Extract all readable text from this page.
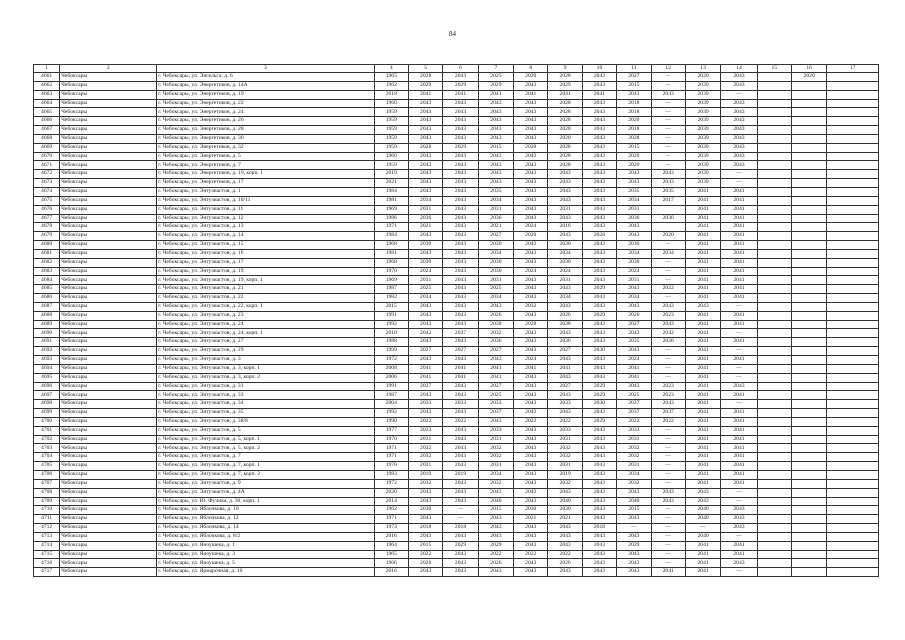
84
1	2	3	4	5	6	7	8	9	10	11	12	13	14	15	16	17
4661	Чебоксары	г. Чебоксары, ул. Энгельса, д. 6	1965	2028	2043	2025	2020	2028	2043	2027	—	2020	2043		2020	
4662	Чебоксары	г. Чебоксары, ул. Энергетиков, д. 14А	1962	2029	2029	2029	2043	2029	2043	2015	—	2039	2043			
4663	Чебоксары	г. Чебоксары, ул. Энергетиков, д. 19	2018	2041	2041	2041	2041	2041	2041	2041	2043	2039	—			
4664	Чебоксары	г. Чебоксары, ул. Энергетиков, д. 22	1960	2043	2043	2043	2043	2028	2043	2018	—	2039	2043			
4665	Чебоксары	г. Чебоксары, ул. Энергетиков, д. 24	1959	2043	2043	2043	2043	2028	2043	2018	—	2039	2043			
4666	Чебоксары	г. Чебоксары, ул. Энергетиков, д. 26	1959	2043	2043	2043	2043	2028	2043	2020	—	2039	2043			
4667	Чебоксары	г. Чебоксары, ул. Энергетиков, д. 28	1959	2043	2043	2043	2043	2028	2043	2018	—	2039	2043			
4668	Чебоксары	г. Чебоксары, ул. Энергетиков, д. 30	1959	2043	2043	2043	2043	2020	2043	2028	—	2039	2043			
4669	Чебоксары	г. Чебоксары, ул. Энергетиков, д. 32	1959	2028	2029	2015	2028	2028	2043	2015	—	2039	2043			
4670	Чебоксары	г. Чебоксары, ул. Энергетиков, д. 5	1960	2043	2043	2043	2043	2028	2043	2020	—	2039	2043			
4671	Чебоксары	г. Чебоксары, ул. Энергетиков, д. 7	1959	2043	2043	2043	2043	2028	2043	2020	—	2039	2043			
4672	Чебоксары	г. Чебоксары, ул. Энергетиков, д. 19, корп. 1	2019	2043	2043	2043	2043	2043	2043	2043	2043	2039	—			
4673	Чебоксары	г. Чебоксары, ул. Энергетиков, д. 17	2021	2043	2043	2043	2043	2043	2043	2043	2043	2039	—			
4674	Чебоксары	г. Чебоксары, ул. Энтузиастов, д. 1	1984	2043	2043	2035	2043	2043	2043	2035	2035	2041	2041			
4675	Чебоксары	г. Чебоксары, ул. Энтузиастов, д. 10/11	1981	2034	2043	2034	2043	2043	2043	2034	2017	2041	2041			
4676	Чебоксары	г. Чебоксары, ул. Энтузиастов, д. 11	1969	2031	2043	2031	2043	2031	2043	2031		2041	2041			
4677	Чебоксары	г. Чебоксары, ул. Энтузиастов, д. 12	1986	2036	2043	2036	2043	2043	2043	2036	2036	2041	2041			
4678	Чебоксары	г. Чебоксары, ул. Энтузиастов, д. 13	1971	2021	2043	2021	2024	2016	2043	2043		2041	2041			
4679	Чебоксары	г. Чебоксары, ул. Энтузиастов, д. 14	1984	2043	2043	2027	2020	2043	2028	2043	2020	2041	2041			
4680	Чебоксары	г. Чебоксары, ул. Энтузиастов, д. 15	1968	2030	2043	2030	2043	2030	2043	2030	—	2041	2041			
4681	Чебоксары	г. Чебоксары, ул. Энтузиастов, д. 16	1981	2043	2043	2034	2043	2034	2043	2034	2034	2041	2041			
4682	Чебоксары	г. Чебоксары, ул. Энтузиастов, д. 17	1968	2030	2043	2030	2043	2030	2043	2030	—	2041	2041			
4683	Чебоксары	г. Чебоксары, ул. Энтузиастов, д. 19	1970	2024	2043	2030	2024	2024	2043	2024	—	2041	2041			
4684	Чебоксары	г. Чебоксары, ул. Энтузиастов, д. 19, корп. 1	1969	2031	2043	2031	2043	2031	2043	2031	—	2041	2041			
4685	Чебоксары	г. Чебоксары, ул. Энтузиастов, д. 21	1987	2025	2043	2025	2043	2043	2029	2043	2022	2041	2041			
4686	Чебоксары	г. Чебоксары, ул. Энтузиастов, д. 22	1982	2034	2043	2034	2043	2034	2043	2034	—	2041	2041			
4687	Чебоксары	г. Чебоксары, ул. Энтузиастов, д. 22, корп. 1	2015	2043	2043	2043	2032	2043	2043	2043	2043	2043	—			
4688	Чебоксары	г. Чебоксары, ул. Энтузиастов, д. 23	1991	2043	2043	2026	2043	2026	2029	2026	2023	2041	2041			
4689	Чебоксары	г. Чебоксары, ул. Энтузиастов, д. 24	1992	2043	2043	2038	2028	2038	2043	2027	2043	2041	2041			
4690	Чебоксары	г. Чебоксары, ул. Энтузиастов, д. 24, корп. 1	2010	2042	2037	2032	2043	2043	2043	2043	2042	2041	—			
4691	Чебоксары	г. Чебоксары, ул. Энтузиастов, д. 27	1988	2043	2043	2036	2043	2036	2043	2035	2036	2041	2041			
4692	Чебоксары	г. Чебоксары, ул. Энтузиастов, д. 29	1999	2027	2027	2027	2043	2027	2030	2043	—	2041	—			
4693	Чебоксары	г. Чебоксары, ул. Энтузиастов, д. 3	1972	2043	2043	2043	2024	2043	2043	2024	—	2041	2041			
4694	Чебоксары	г. Чебоксары, ул. Энтузиастов, д. 3, корп. 1	2008	2041	2041	2041	2041	2041	2043	2041	—	2041	—			
4695	Чебоксары	г. Чебоксары, ул. Энтузиастов, д. 3, корп. 2	2006	2041	2041	2041	2043	2043	2043	2041	—	2041	—			
4696	Чебоксары	г. Чебоксары, ул. Энтузиастов, д. 31	1991	2027	2043	2027	2043	2027	2029	2043	2023	2041	2043			
4697	Чебоксары	г. Чебоксары, ул. Энтузиастов, д. 33	1987	2043	2043	2025	2043	2043	2029	2025	2023	2041	2041			
4698	Чебоксары	г. Чебоксары, ул. Энтузиастов, д. 34	2004	2033	2033	2033	2043	2033	2030	2037	2043	2041	—			
4699	Чебоксары	г. Чебоксары, ул. Энтузиастов, д. 35	1992	2043	2043	2037	2043	2043	2043	2037	2037	2041	2041			
4700	Чебоксары	г. Чебоксары, ул. Энтузиастов, д. 38/8	1990	2022	2022	2043	2022	2022	2029	2022	2022	2041	2041			
4701	Чебоксары	г. Чебоксары, ул. Энтузиастов, д. 5	1977	2033	2043	2033	2043	2033	2043	2033	—	2041	2041			
4702	Чебоксары	г. Чебоксары, ул. Энтузиастов, д. 5, корп. 1	1970	2031	2043	2031	2043	2031	2043	2031	—	2041	2041			
4703	Чебоксары	г. Чебоксары, ул. Энтузиастов, д. 5, корп. 2	1971	2032	2043	2032	2043	2032	2043	2032	—	2041	2041			
4704	Чебоксары	г. Чебоксары, ул. Энтузиастов, д. 7	1971	2032	2043	2032	2043	2032	2043	2032	—	2041	2041			
4705	Чебоксары	г. Чебоксары, ул. Энтузиастов, д. 7, корп. 1	1970	2031	2043	2031	2043	2031	2043	2031	—	2041	2041			
4706	Чебоксары	г. Чебоксары, ул. Энтузиастов, д. 7, корп. 2	1983	2019	2019	2034	2043	2019	2043	2034	—	2041	2041			
4707	Чебоксары	г. Чебоксары, ул. Энтузиастов, д. 9	1972	2032	2043	2032	2043	2032	2043	2032	—	2041	2041			
4708	Чебоксары	г. Чебоксары, ул. Энтузиастов, д. 4А	2020	2043	2043	2043	2043	2043	2043	2043	2043	2043	—			
4709	Чебоксары	г. Чебоксары, ул. Ю. Фучика, д. 30, корп. 1	2014	2043	2043	2040	2043	2040	2043	2040	2043	2043	—			
4710	Чебоксары	г. Чебоксары, ул. Яблочкова, д. 10	1962	2030	—	2015	2030	2030	2043	2015	—	2040	2043			
4711	Чебоксары	г. Чебоксары, ул. Яблочкова, д. 12	1971	2043	—	2043	2021	2021	2043	2043	—	2040	2043			
4712	Чебоксары	г. Чебоксары, ул. Яблочкова, д. 14	1973	2018	2018	2043	2043	2043	2018	—	—	—	2043			
4713	Чебоксары	г. Чебоксары, ул. Яблочкова, д. 8/2	2016	2043	2043	2043	2043	2043	2043	2043	—	2040	—			
4714	Чебоксары	г. Чебоксары, ул. Яноушека, д. 1	1964	2015	2029	2029	2043	2043	2043	2029	—	2041	2041			
4715	Чебоксары	г. Чебоксары, ул. Яноушека, д. 3	1965	2022	2043	2022	2022	2022	2043	2043	—	2041	2041			
4716	Чебоксары	г. Чебоксары, ул. Яноушека, д. 5	1966	2026	2043	2026	2043	2026	2043	2043	—	2041	2043			
4717	Чебоксары	г. Чебоксары, ул. Ярмарочная, д. 10	2016	2043	2043	2043	2043	2043	2043	2043	2041	2041	—			
